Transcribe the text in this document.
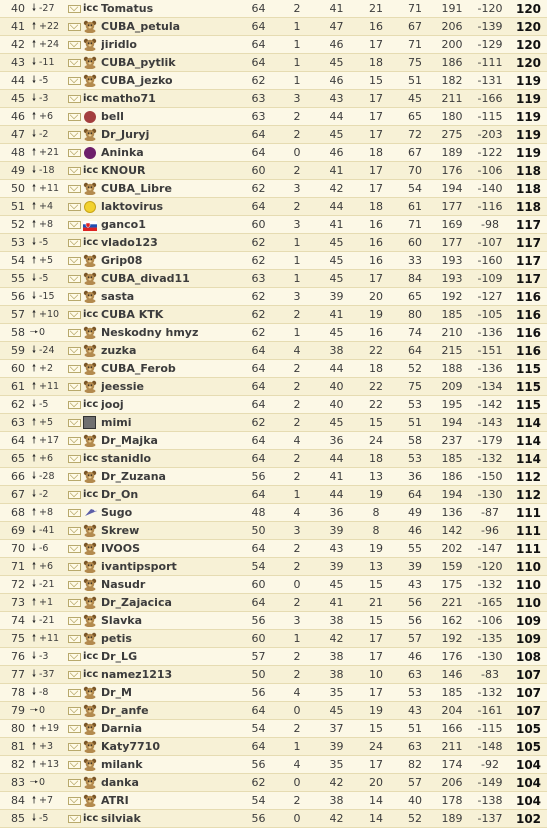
40	🠗 -27		icc	Tomatus	64	2	41	21	71	191	-120	120
41	🠕 +22			CUBA_petula	64	1	47	16	67	206	-139	120
42	🠕 +24			jiridlo	64	1	46	17	71	200	-129	120
43	🠗 -11			CUBA_pytlik	64	1	45	18	75	186	-111	120
44	🠗 -5			CUBA_jezko	62	1	46	15	51	182	-131	119
45	🠗 -3		icc	matho71	63	3	43	17	45	211	-166	119
46	🠕 +6			bell	63	2	44	17	65	180	-115	119
47	🠗 -2			Dr_Juryj	64	2	45	17	72	275	-203	119
48	🠕 +21			Aninka	64	0	46	18	67	189	-122	119
49	🠗 -18		icc	KNOUR	60	2	41	17	70	176	-106	118
50	🠕 +11			CUBA_Libre	62	3	42	17	54	194	-140	118
51	🠕 +4			laktovirus	64	2	44	18	61	177	-116	118
52	🠕 +8			ganco1	60	3	41	16	71	169	-98	117
53	🠗 -5		icc	vlado123	62	1	45	16	60	177	-107	117
54	🠕 +5			Grip08	62	1	45	16	33	193	-160	117
55	🠗 -5			CUBA_divad11	63	1	45	17	84	193	-109	117
56	🠗 -15			sasta	62	3	39	20	65	192	-127	116
57	🠕 +10		icc	CUBA KTK	62	2	41	19	80	185	-105	116
58	🠖0			Neskodny hmyz	62	1	45	16	74	210	-136	116
59	🠗 -24			zuzka	64	4	38	22	64	215	-151	116
60	🠕 +2			CUBA_Ferob	64	2	44	18	52	188	-136	115
61	🠕 +11			jeessie	64	2	40	22	75	209	-134	115
62	🠗 -5		icc	jooj	64	2	40	22	53	195	-142	115
63	🠕 +5			mimi	62	2	45	15	51	194	-143	114
64	🠕 +17			Dr_Majka	64	4	36	24	58	237	-179	114
65	🠕 +6		icc	stanidlo	64	2	44	18	53	185	-132	114
66	🠗 -28			Dr_Zuzana	56	2	41	13	36	186	-150	112
67	🠗 -2		icc	Dr_On	64	1	44	19	64	194	-130	112
68	🠕 +8			Sugo	48	4	36	8	49	136	-87	111
69	🠗 -41			Skrew	50	3	39	8	46	142	-96	111
70	🠗 -6			IVOOS	64	2	43	19	55	202	-147	111
71	🠕 +6			ivantipsport	54	2	39	13	39	159	-120	110
72	🠗 -21			Nasudr	60	0	45	15	43	175	-132	110
73	🠕 +1			Dr_Zajacica	64	2	41	21	56	221	-165	110
74	🠗 -21			Slavka	56	3	38	15	56	162	-106	109
75	🠕 +11			petis	60	1	42	17	57	192	-135	109
76	🠗 -3		icc	Dr_LG	57	2	38	17	46	176	-130	108
77	🠗 -37		icc	namez1213	50	2	38	10	63	146	-83	107
78	🠗 -8			Dr_M	56	4	35	17	53	185	-132	107
79	🠖0			Dr_anfe	64	0	45	19	43	204	-161	107
80	🠕 +19			Darnia	54	2	37	15	51	166	-115	105
81	🠕 +3			Katy7710	64	1	39	24	63	211	-148	105
82	🠕 +13			milank	56	4	35	17	82	174	-92	104
83	🠖0			danka	62	0	42	20	57	206	-149	104
84	🠕 +7			ATRI	54	2	38	14	40	178	-138	104
85	🠗 -5		icc	silviak	56	0	42	14	52	189	-137	102
